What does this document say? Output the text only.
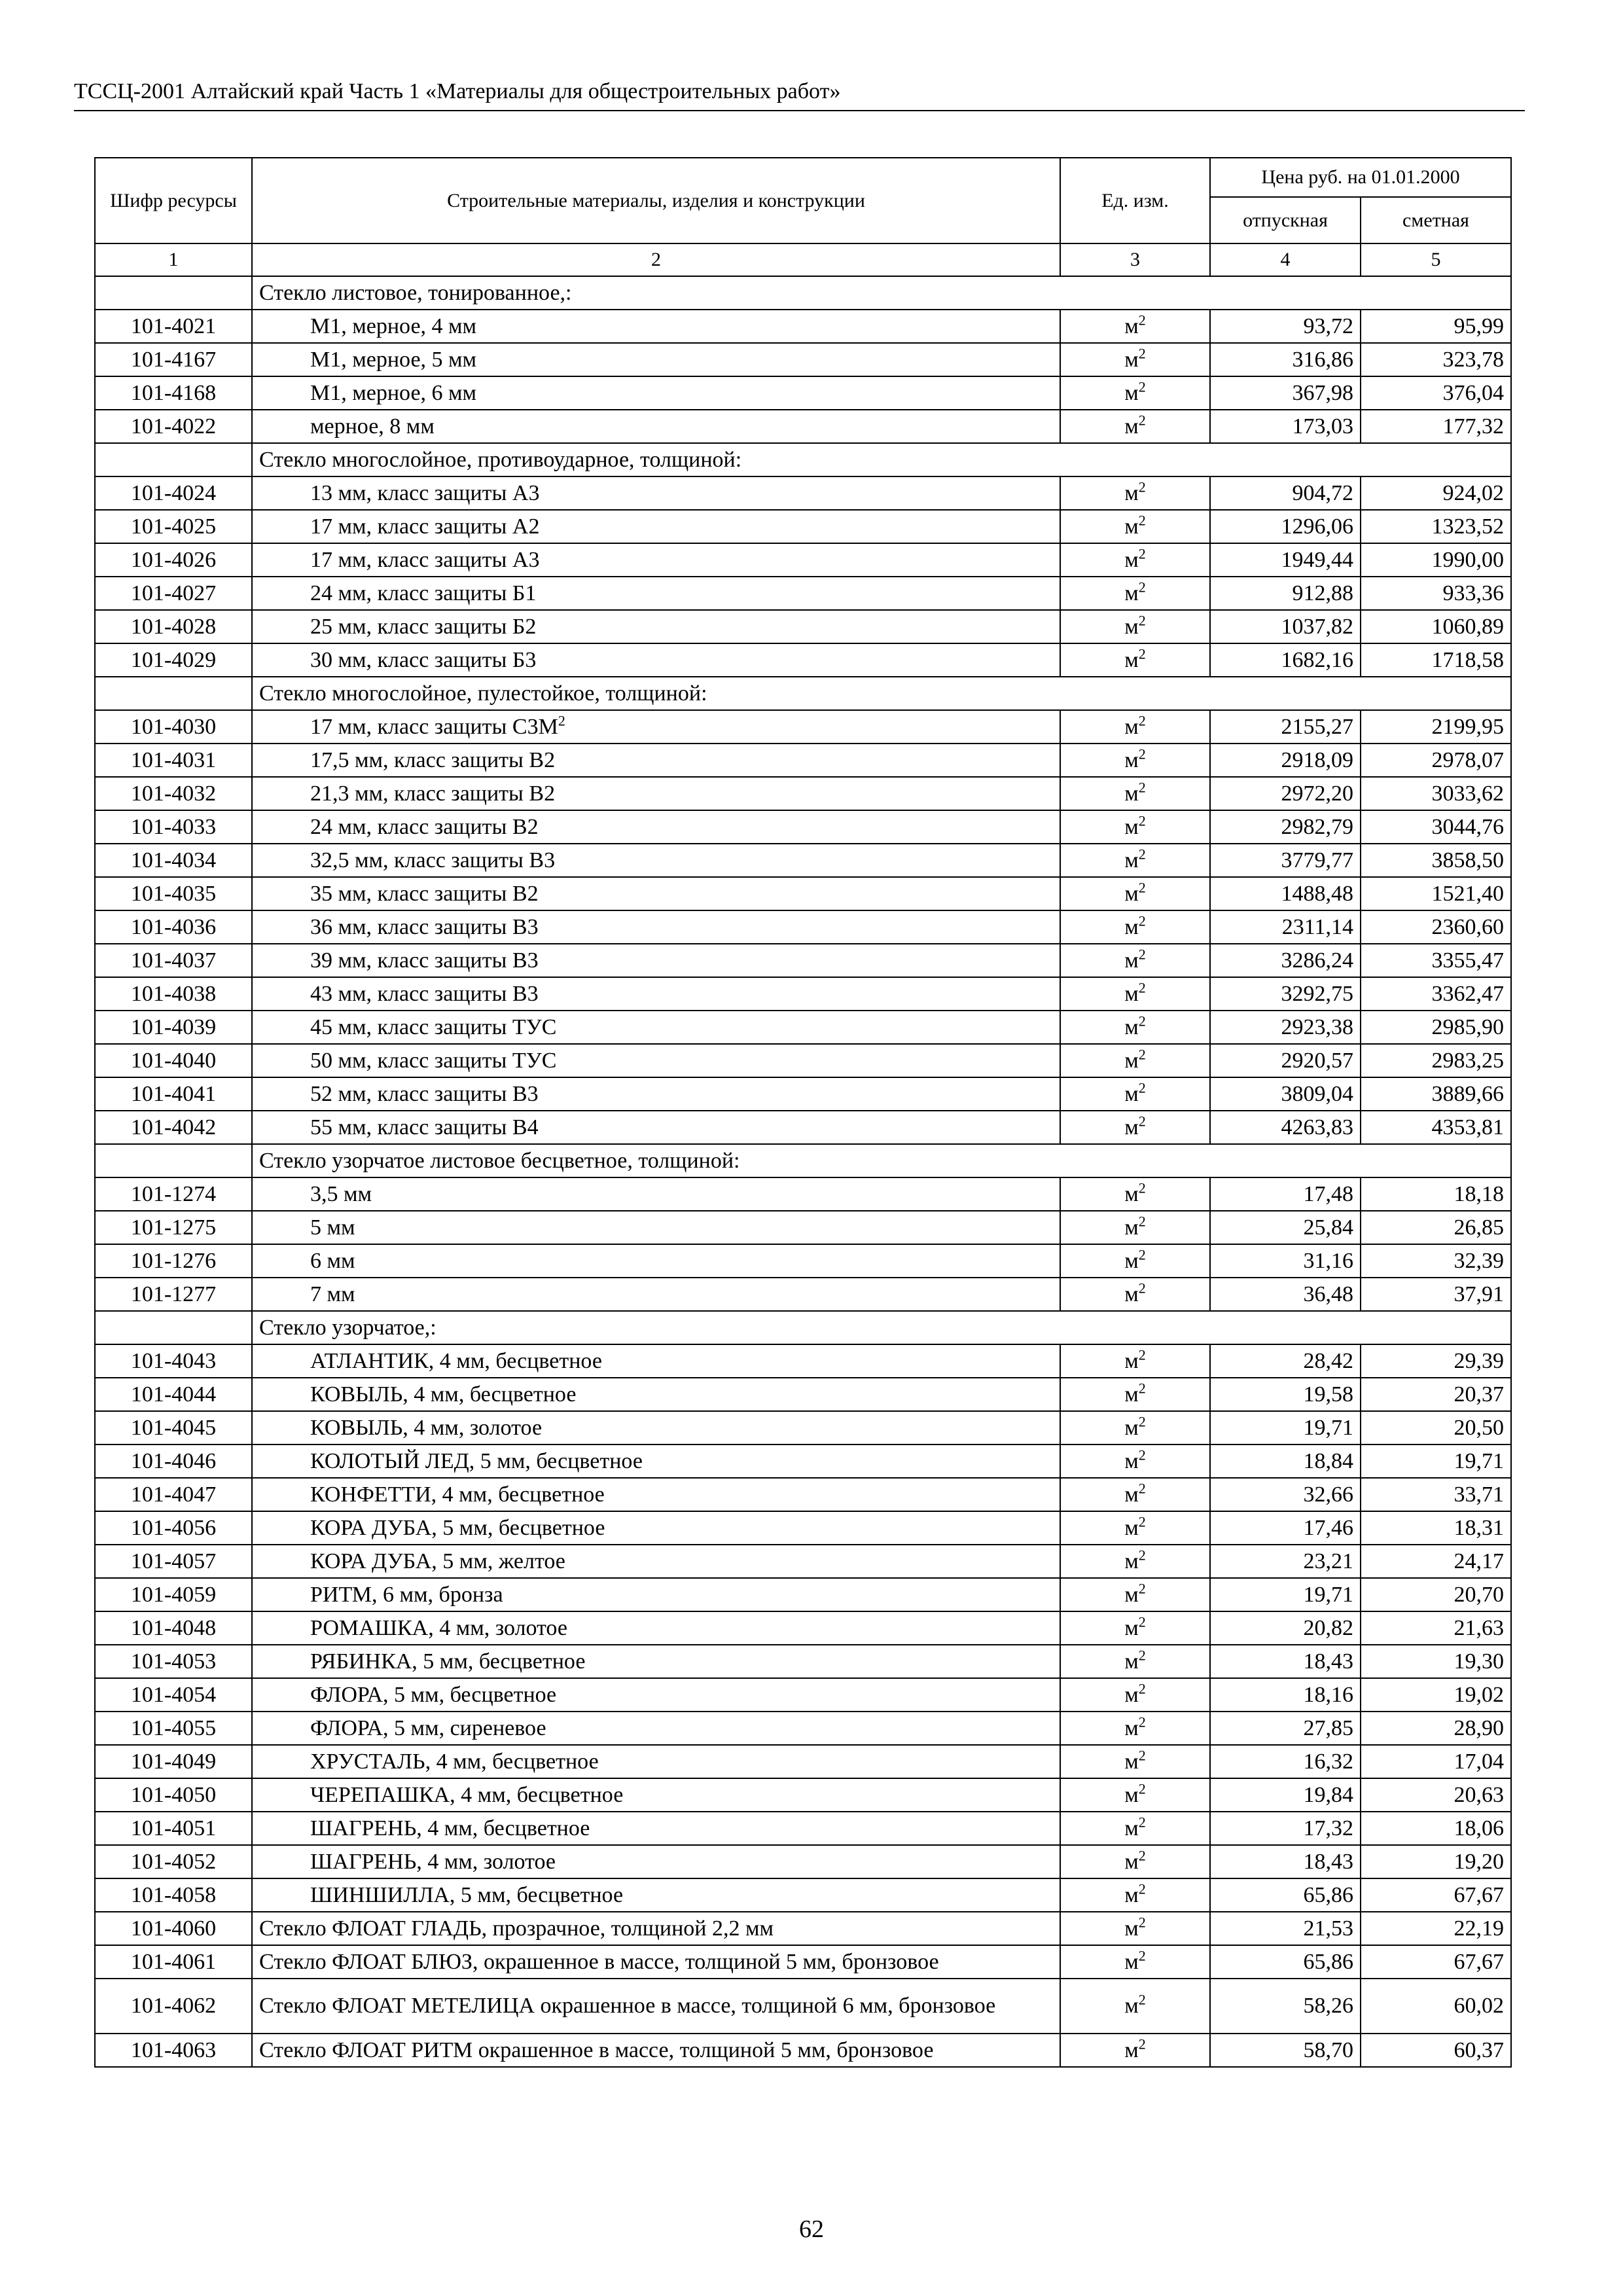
ТССЦ-2001 Алтайский край Часть 1 «Материалы для общестроительных работ»
Шифр ресурсы	Строительные материалы, изделия и конструкции	Ед. изм.	Цена руб. на 01.01.2000	
			отпускная	сметная
1	2	3	4	5
	Стекло листовое, тонированное,:			
101-4021	М1, мерное, 4 мм	$м^2$	93,72	95,99
101-4167	М1, мерное, 5 мм	$м^2$	316,86	323,78
101-4168	М1, мерное, 6 мм	$м^2$	367,98	376,04
101-4022	мерное, 8 мм	$м^2$	173,03	177,32
	Стекло многослойное, противоударное, толщиной:			
101-4024	13 мм, класс защиты А3	$м^2$	904,72	924,02
101-4025	17 мм, класс защиты А2	$м^2$	1296,06	1323,52
101-4026	17 мм, класс защиты А3	$м^2$	1949,44	1990,00
101-4027	24 мм, класс защиты Б1	$м^2$	912,88	933,36
101-4028	25 мм, класс защиты Б2	$м^2$	1037,82	1060,89
101-4029	30 мм, класс защиты Б3	$м^2$	1682,16	1718,58
	Стекло многослойное, пулестойкое, толщиной:			
101-4030	17 мм, класс защиты $С3М^2$	$м^2$	2155,27	2199,95
101-4031	17,5 мм, класс защиты В2	$м^2$	2918,09	2978,07
101-4032	21,3 мм, класс защиты В2	$м^2$	2972,20	3033,62
101-4033	24 мм, класс защиты В2	$м^2$	2982,79	3044,76
101-4034	32,5 мм, класс защиты В3	$м^2$	3779,77	3858,50
101-4035	35 мм, класс защиты В2	$м^2$	1488,48	1521,40
101-4036	36 мм, класс защиты В3	$м^2$	2311,14	2360,60
101-4037	39 мм, класс защиты В3	$м^2$	3286,24	3355,47
101-4038	43 мм, класс защиты В3	$м^2$	3292,75	3362,47
101-4039	45 мм, класс защиты ТУС	$м^2$	2923,38	2985,90
101-4040	50 мм, класс защиты ТУС	$м^2$	2920,57	2983,25
101-4041	52 мм, класс защиты В3	$м^2$	3809,04	3889,66
101-4042	55 мм, класс защиты В4	$м^2$	4263,83	4353,81
	Стекло узорчатое листовое бесцветное, толщиной:			
101-1274	3,5 мм	$м^2$	17,48	18,18
101-1275	5 мм	$м^2$	25,84	26,85
101-1276	6 мм	$м^2$	31,16	32,39
101-1277	7 мм	$м^2$	36,48	37,91
	Стекло узорчатое,:			
101-4043	АТЛАНТИК, 4 мм, бесцветное	$м^2$	28,42	29,39
101-4044	КОВЫЛЬ, 4 мм, бесцветное	$м^2$	19,58	20,37
101-4045	КОВЫЛЬ, 4 мм, золотое	$м^2$	19,71	20,50
101-4046	КОЛОТЫЙ ЛЕД, 5 мм, бесцветное	$м^2$	18,84	19,71
101-4047	КОНФЕТТИ, 4 мм, бесцветное	$м^2$	32,66	33,71
101-4056	КОРА ДУБА, 5 мм, бесцветное	$м^2$	17,46	18,31
101-4057	КОРА ДУБА, 5 мм, желтое	$м^2$	23,21	24,17
101-4059	РИТМ, 6 мм, бронза	$м^2$	19,71	20,70
101-4048	РОМАШКА, 4 мм, золотое	$м^2$	20,82	21,63
101-4053	РЯБИНКА, 5 мм, бесцветное	$м^2$	18,43	19,30
101-4054	ФЛОРА, 5 мм, бесцветное	$м^2$	18,16	19,02
101-4055	ФЛОРА, 5 мм, сиреневое	$м^2$	27,85	28,90
101-4049	ХРУСТАЛЬ, 4 мм, бесцветное	$м^2$	16,32	17,04
101-4050	ЧЕРЕПАШКА, 4 мм, бесцветное	$м^2$	19,84	20,63
101-4051	ШАГРЕНЬ, 4 мм, бесцветное	$м^2$	17,32	18,06
101-4052	ШАГРЕНЬ, 4 мм, золотое	$м^2$	18,43	19,20
101-4058	ШИНШИЛЛА, 5 мм, бесцветное	$м^2$	65,86	67,67
101-4060	Стекло ФЛОАТ ГЛАДЬ, прозрачное, толщиной 2,2 мм	$м^2$	21,53	22,19
101-4061	Стекло ФЛОАТ БЛЮЗ, окрашенное в массе, толщиной 5 мм, бронзовое	$м^2$	65,86	67,67
101-4062	Стекло ФЛОАТ МЕТЕЛИЦА окрашенное в массе, толщиной 6 мм, бронзовое	$м^2$	58,26	60,02
101-4063	Стекло ФЛОАТ РИТМ окрашенное в массе, толщиной 5 мм, бронзовое	$м^2$	58,70	60,37
62
